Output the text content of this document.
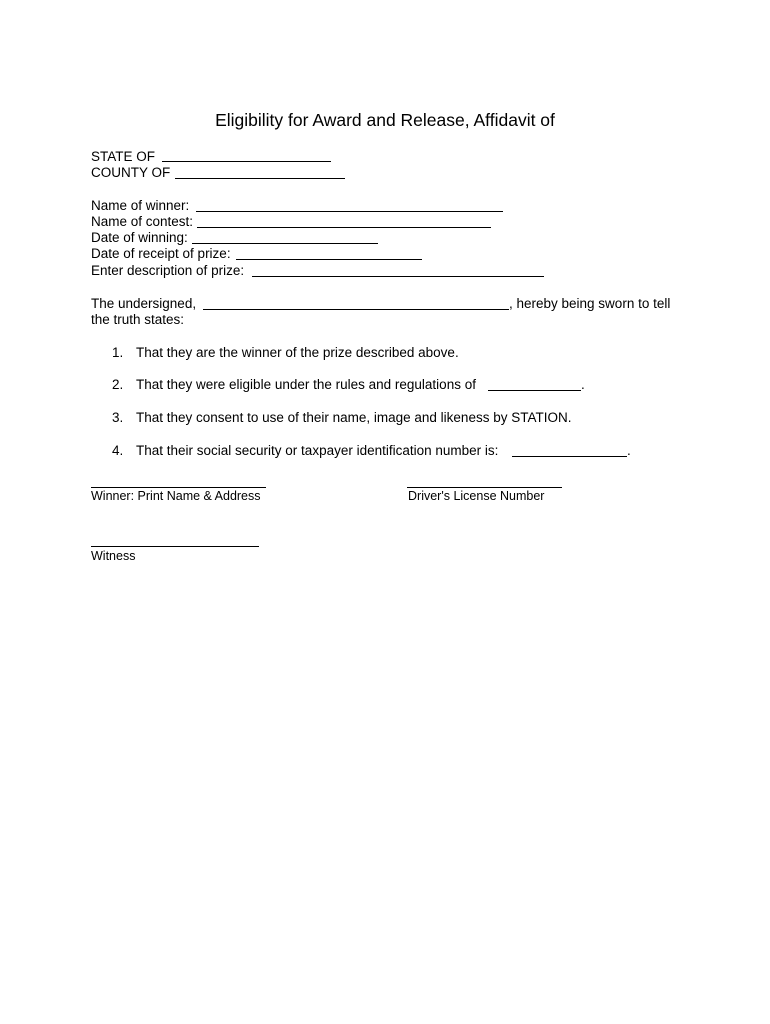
Eligibility for Award and Release, Affidavit of
STATE OF
COUNTY OF
Name of winner:
Name of contest:
Date of winning:
Date of receipt of prize:
Enter description of prize:
The undersigned,	, hereby being sworn to tell
the truth states:
1. That they are the winner of the prize described above.
2. That they were eligible under the rules and regulations of	.
3. That they consent to use of their name, image and likeness by STATION.
4. That their social security or taxpayer identification number is:	.
Winner: Print Name & Address	Driver's License Number
Witness
